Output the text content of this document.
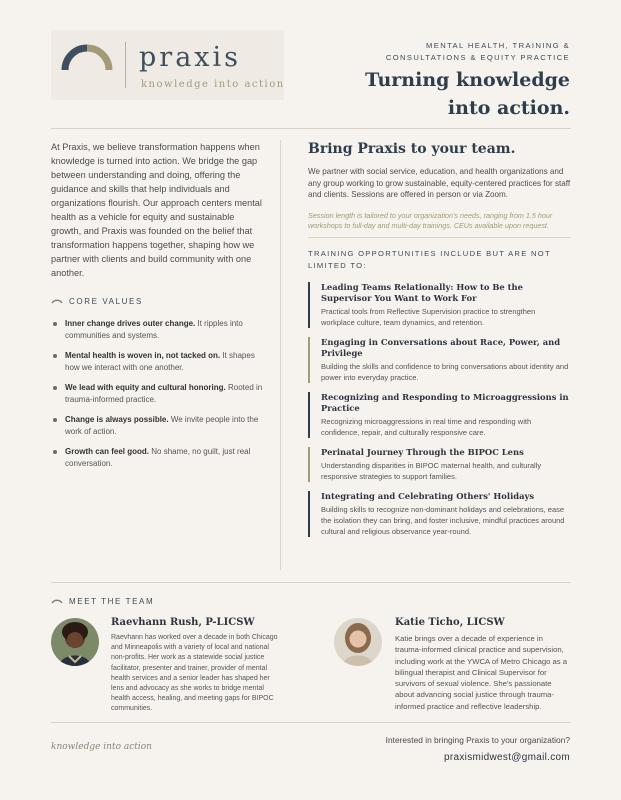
praxis
knowledge into action
MENTAL HEALTH, TRAINING &
CONSULTATIONS & EQUITY PRACTICE
Turning knowledge
into action.

At Praxis, we believe transformation happens when knowledge is turned into action. We bridge the gap between understanding and doing, offering the guidance and skills that help individuals and organizations flourish. Our approach centers mental health as a vehicle for equity and sustainable growth, and Praxis was founded on the belief that transformation happens together, shaping how we partner with clients and build community with one another.

CORE VALUES
Inner change drives outer change. It ripples into communities and systems.
Mental health is woven in, not tacked on. It shapes how we interact with one another.
We lead with equity and cultural honoring. Rooted in trauma-informed practice.
Change is always possible. We invite people into the work of action.
Growth can feel good. No shame, no guilt, just real conversation.
Bring Praxis to your team.

We partner with social service, education, and health organizations and any group working to grow sustainable, equity-centered practices for staff and clients. Sessions are offered in person or via Zoom.

Session length is tailored to your organization's needs, ranging from 1.5 hour workshops to full-day and multi-day trainings. CEUs available upon request.

TRAINING OPPORTUNITIES INCLUDE BUT ARE NOT LIMITED TO:
Leading Teams Relationally: How to Be the Supervisor You Want to Work For
Practical tools from Reflective Supervision practice to strengthen workplace culture, team dynamics, and retention.
Engaging in Conversations about Race, Power, and Privilege
Building the skills and confidence to bring conversations about identity and power into everyday practice.
Recognizing and Responding to Microaggressions in Practice
Recognizing microaggressions in real time and responding with confidence, repair, and culturally responsive care.
Perinatal Journey Through the BIPOC Lens
Understanding disparities in BIPOC maternal health, and culturally responsive strategies to support families.
Integrating and Celebrating Others' Holidays
Building skills to recognize non-dominant holidays and celebrations, ease the isolation they can bring, and foster inclusive, mindful practices around cultural and religious observance year-round.
MEET THE TEAM
Raevhann Rush, P-LICSW

Raevhann has worked over a decade in both Chicago and Minneapolis with a variety of local and national non-profits. Her work as a statewide social justice facilitator, presenter and trainer, provider of mental health services and a senior leader has shaped her lens and advocacy as she works to bridge mental health access, healing, and meeting gaps for BIPOC communities.

Katie Ticho, LICSW

Katie brings over a decade of experience in trauma-informed clinical practice and supervision, including work at the YWCA of Metro Chicago as a bilingual therapist and Clinical Supervisor for survivors of sexual violence. She's passionate about advancing social justice through trauma-informed practice and reflective leadership.

knowledge into action
Interested in bringing Praxis to your organization?
praxismidwest@gmail.com
